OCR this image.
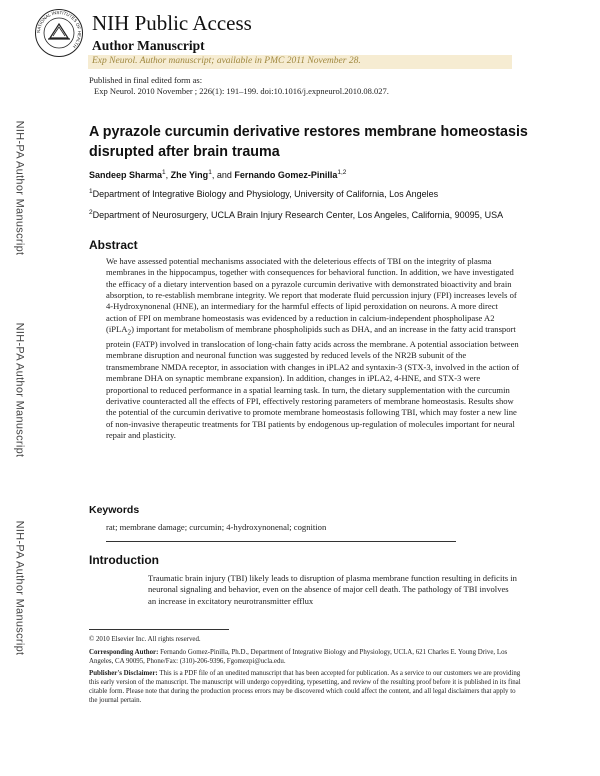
NATIONAL INSTITUTES OF HEALTH
NIH Public Access
Author Manuscript
Exp Neurol. Author manuscript; available in PMC 2011 November 28.
Published in final edited form as:
Exp Neurol. 2010 November ; 226(1): 191–199. doi:10.1016/j.expneurol.2010.08.027.
NIH-PA Author Manuscript
NIH-PA Author Manuscript
NIH-PA Author Manuscript
A pyrazole curcumin derivative restores membrane homeostasis disrupted after brain trauma
Sandeep Sharma$^1$, Zhe Ying$^1$, and Fernando Gomez-Pinilla$^{1,2}$
$^1$Department of Integrative Biology and Physiology, University of California, Los Angeles
$^2$Department of Neurosurgery, UCLA Brain Injury Research Center, Los Angeles, California, 90095, USA
Abstract
We have assessed potential mechanisms associated with the deleterious effects of TBI on the integrity of plasma membranes in the hippocampus, together with consequences for behavioral function. In addition, we have investigated the efficacy of a dietary intervention based on a pyrazole curcumin derivative with demonstrated bioactivity and brain absorption, to re-establish membrane integrity. We report that moderate fluid percussion injury (FPI) increases levels of 4-Hydroxynonenal (HNE), an intermediary for the harmful effects of lipid peroxidation on neurons. A more direct action of FPI on membrane homeostasis was evidenced by a reduction in calcium-independent phospholipase A2 (iPLA$_2$) important for metabolism of membrane phospholipids such as DHA, and an increase in the fatty acid transport protein (FATP) involved in translocation of long-chain fatty acids across the membrane. A potential association between membrane disruption and neuronal function was suggested by reduced levels of the NR2B subunit of the transmembrane NMDA receptor, in association with changes in iPLA2 and syntaxin-3 (STX-3, involved in the action of membrane DHA on synaptic membrane expansion). In addition, changes in iPLA2, 4-HNE, and STX-3 were proportional to reduced performance in a spatial learning task. In turn, the dietary supplementation with the curcumin derivative counteracted all the effects of FPI, effectively restoring parameters of membrane homeostasis. Results show the potential of the curcumin derivative to promote membrane homeostasis following TBI, which may foster a new line of non-invasive therapeutic treatments for TBI patients by endogenous up-regulation of molecules important for neural repair and plasticity.
Keywords
rat; membrane damage; curcumin; 4-hydroxynonenal; cognition
Introduction
Traumatic brain injury (TBI) likely leads to disruption of plasma membrane function resulting in deficits in neuronal signaling and behavior, even on the absence of major cell death. The pathology of TBI involves an increase in excitatory neurotransmitter efflux
© 2010 Elsevier Inc. All rights reserved.
Corresponding Author: Fernando Gomez-Pinilla, Ph.D., Department of Integrative Biology and Physiology, UCLA, 621 Charles E. Young Drive, Los Angeles, CA 90095, Phone/Fax: (310)-206-9396, Fgomezpi@ucla.edu.
Publisher's Disclaimer: This is a PDF file of an unedited manuscript that has been accepted for publication. As a service to our customers we are providing this early version of the manuscript. The manuscript will undergo copyediting, typesetting, and review of the resulting proof before it is published in its final citable form. Please note that during the production process errors may be discovered which could affect the content, and all legal disclaimers that apply to the journal pertain.
